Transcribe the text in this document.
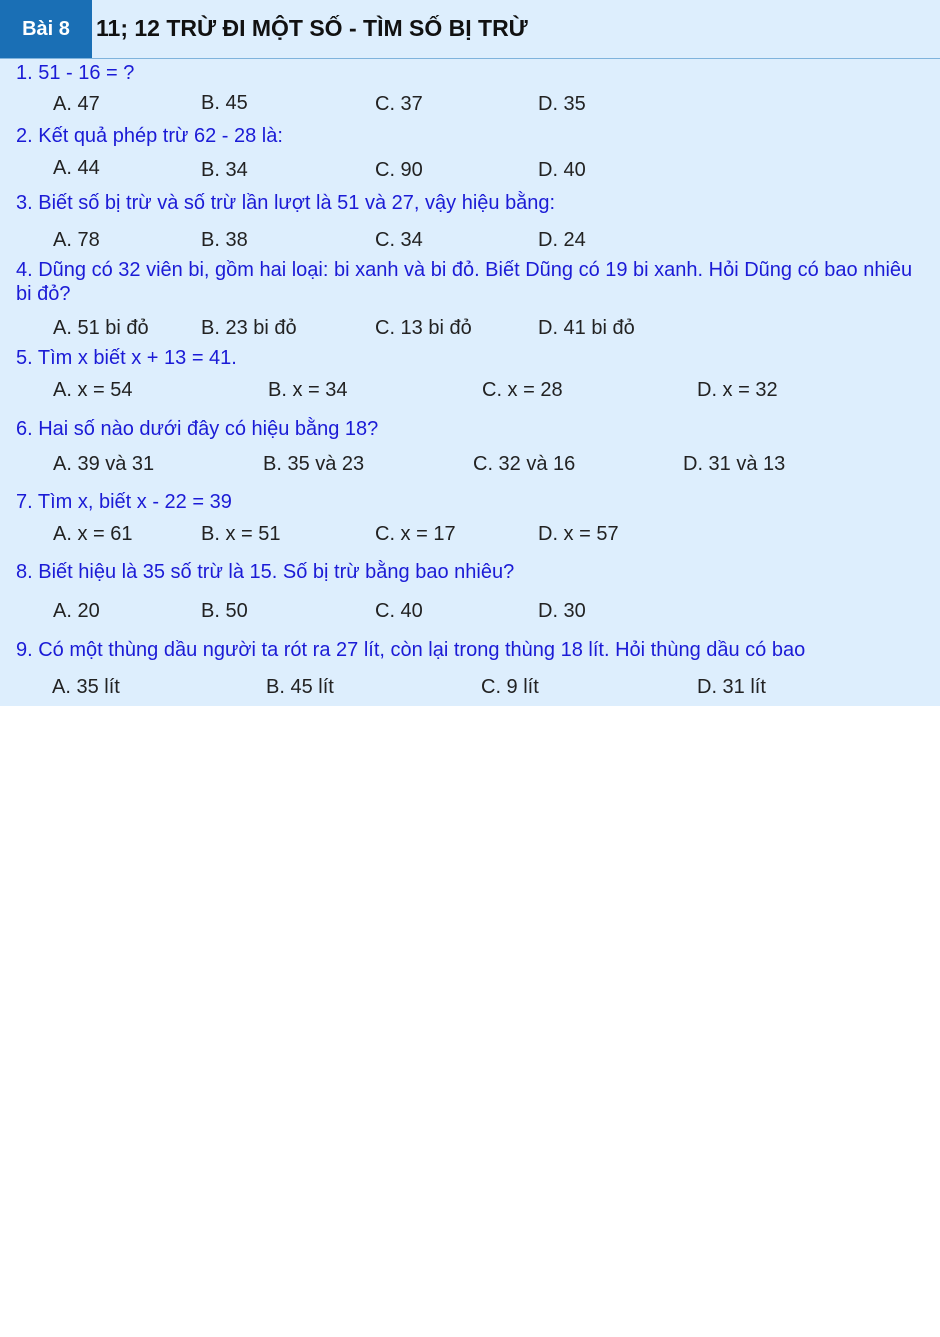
Bài 8	11; 12 TRỪ ĐI MỘT SỐ - TÌM SỐ BỊ TRỪ
1. 51 - 16 = ?
A. 47	B. 45	C. 37	D. 35
2. Kết quả phép trừ 62 - 28 là:
A. 44	B. 34	C. 90	D. 40
3. Biết số bị trừ và số trừ lần lượt là 51 và 27, vậy hiệu bằng:
A. 78	B. 38	C. 34	D. 24
4. Dũng có 32 viên bi, gồm hai loại: bi xanh và bi đỏ. Biết Dũng có 19 bi xanh. Hỏi Dũng có bao nhiêu bi đỏ?
A. 51 bi đỏ	B. 23 bi đỏ	C. 13 bi đỏ	D. 41 bi đỏ
5. Tìm x biết x + 13 = 41.
A. x = 54	B. x = 34	C. x = 28	D. x = 32
6. Hai số nào dưới đây có hiệu bằng 18?
A. 39 và 31	B. 35 và 23	C. 32 và 16	D. 31 và 13
7. Tìm x, biết x - 22 = 39
A. x = 61	B. x = 51	C. x = 17	D. x = 57
8. Biết hiệu là 35 số trừ là 15. Số bị trừ bằng bao nhiêu?
A. 20	B. 50	C. 40	D. 30
9. Có một thùng dầu người ta rót ra 27 lít, còn lại trong thùng 18 lít. Hỏi thùng dầu có bao
A. 35 lít	B. 45 lít	C. 9 lít	D. 31 lít
